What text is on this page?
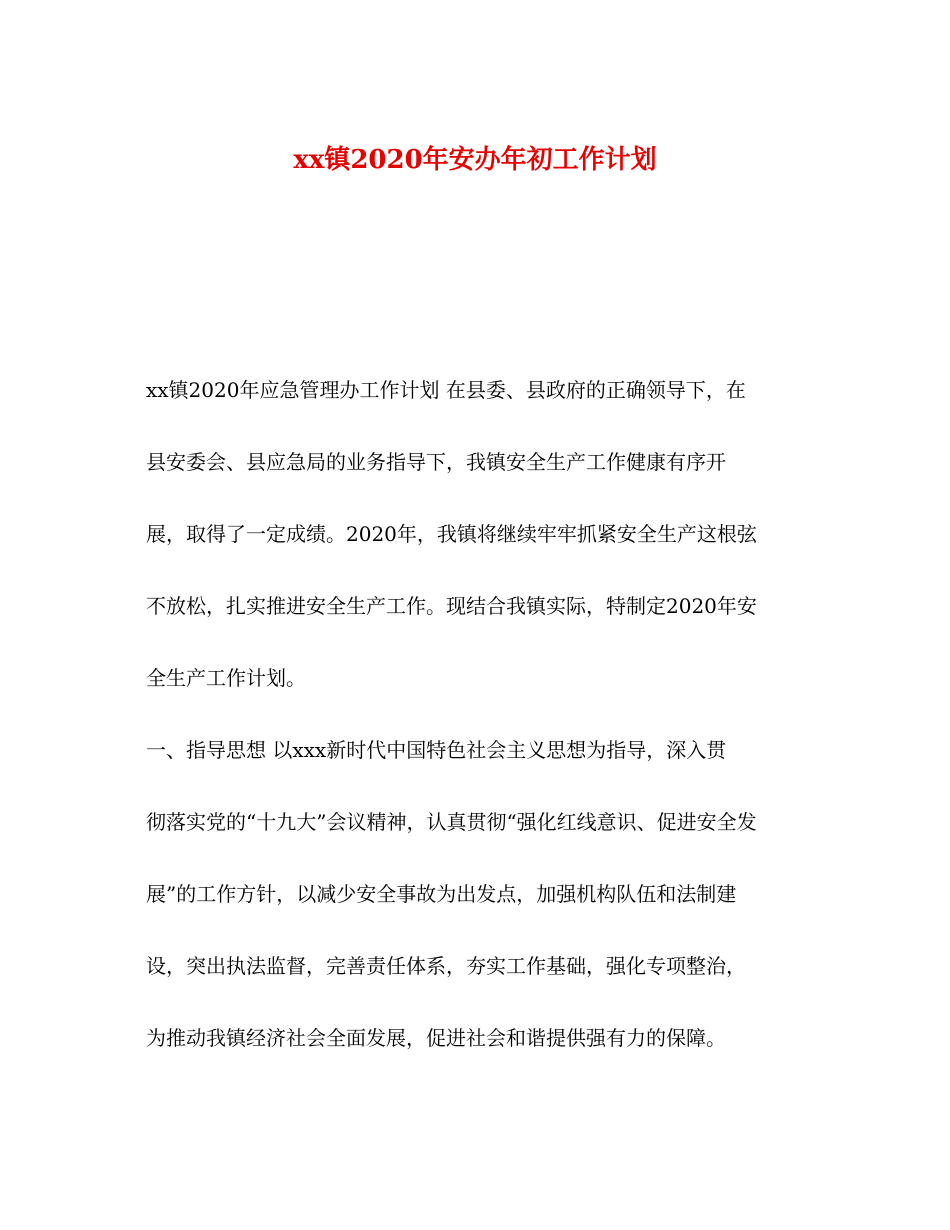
xx镇2020年安办年初工作计划
xx镇2020年应急管理办工作计划 在县委、县政府的正确领导下，在
县安委会、县应急局的业务指导下，我镇安全生产工作健康有序开
展，取得了一定成绩。2020年，我镇将继续牢牢抓紧安全生产这根弦
不放松，扎实推进安全生产工作。现结合我镇实际，特制定2020年安
全生产工作计划。
一、指导思想 以xxx新时代中国特色社会主义思想为指导，深入贯
彻落实党的“十九大”会议精神，认真贯彻“强化红线意识、促进安全发
展”的工作方针，以减少安全事故为出发点，加强机构队伍和法制建
设，突出执法监督，完善责任体系，夯实工作基础，强化专项整治，
为推动我镇经济社会全面发展，促进社会和谐提供强有力的保障。
